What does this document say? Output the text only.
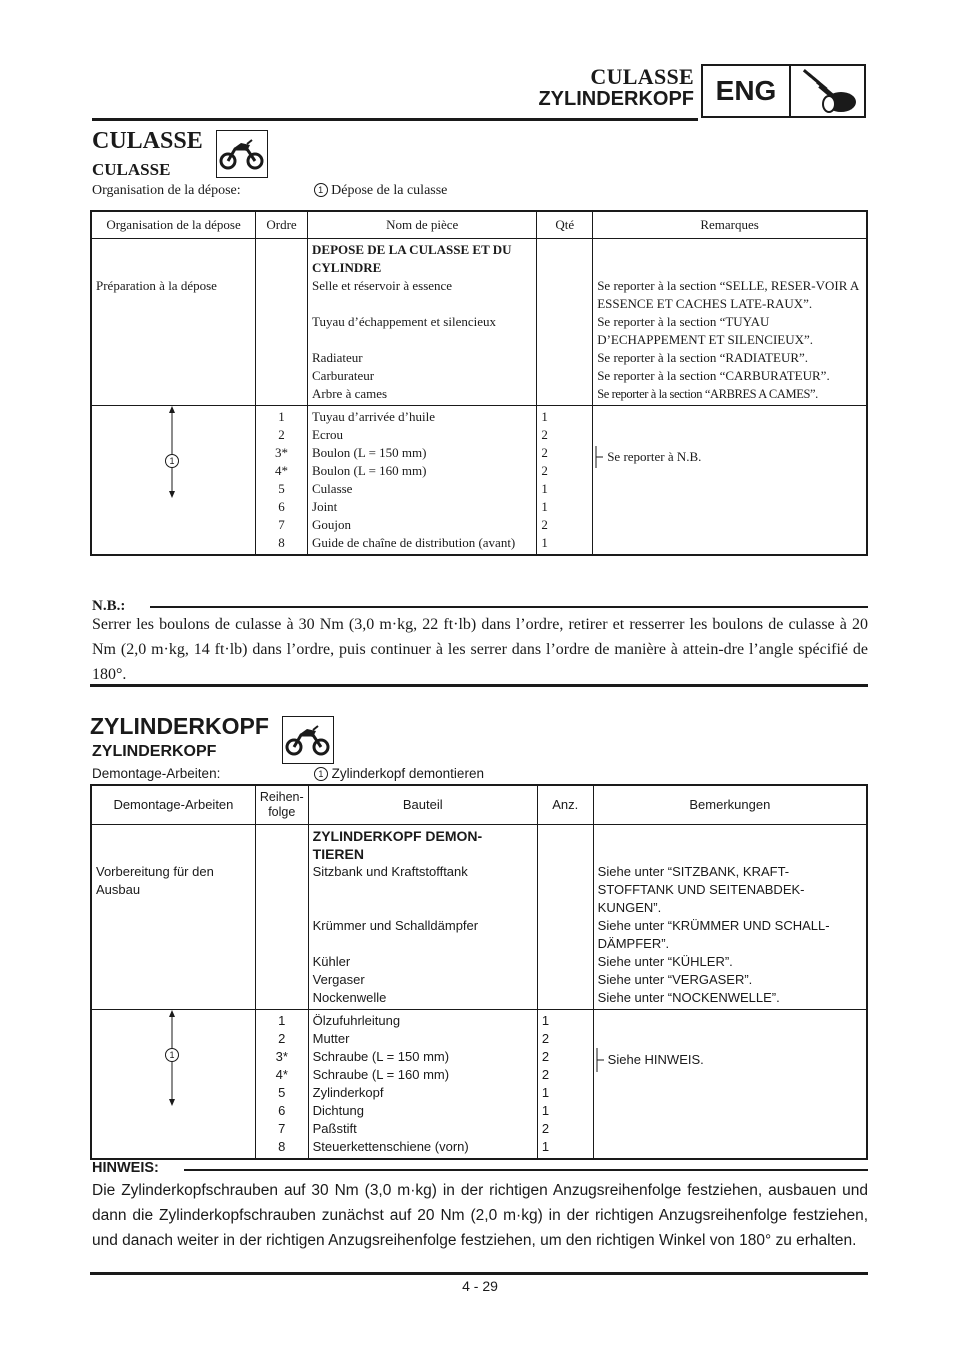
CULASSE
ZYLINDERKOPF ENG
CULASSE
CULASSE
Organisation de la dépose:	1 Dépose de la culasse
Organisation de la dépose	Ordre	Nom de pièce	Qté	Remarques
		DEPOSE DE LA CULASSE ET DU CYLINDRE		
Préparation à la dépose		Selle et réservoir à essence		Se reporter à la section “SELLE, RESER-VOIR A ESSENCE ET CACHES LATE-RAUX”.
		Tuyau d’échappement et silencieux		Se reporter à la section “TUYAU D’ECHAPPEMENT ET SILENCIEUX”.
		Radiateur		Se reporter à la section “RADIATEUR”.
		Carburateur		Se reporter à la section “CARBURATEUR”.
		Arbre à cames		Se reporter à la section “ARBRES A CAMES”.

1	1	Tuyau d’arrivée d’huile	1	Se reporter à N.B.

	2	Ecrou	2	
	3*	Boulon (L = 150 mm)	2	
	4*	Boulon (L = 160 mm)	2	
	5	Culasse	1	
	6	Joint	1	
	7	Goujon	2	
	8	Guide de chaîne de distribution (avant)	1	
N.B.:
Serrer les boulons de culasse à 30 Nm (3,0 m·kg, 22 ft·lb) dans l’ordre, retirer et resserrer les boulons de culasse à 20 Nm (2,0 m·kg, 14 ft·lb) dans l’ordre, puis continuer à les serrer dans l’ordre de manière à attein-dre l’angle spécifié de 180°.
ZYLINDERKOPF
ZYLINDERKOPF
Demontage-Arbeiten:	1 Zylinderkopf demontieren
Demontage-Arbeiten	Reihen-folge	Bauteil	Anz.	Bemerkungen
		ZYLINDERKOPF DEMON-TIEREN		
Vorbereitung für den Ausbau		Sitzbank und Kraftstofftank		Siehe unter “SITZBANK, KRAFT-STOFFTANK UND SEITENABDEK-KUNGEN”.
		Krümmer und Schalldämpfer		Siehe unter “KRÜMMER UND SCHALL-DÄMPFER”.
		Kühler		Siehe unter “KÜHLER”.
		Vergaser		Siehe unter “VERGASER”.
		Nockenwelle		Siehe unter “NOCKENWELLE”.

1	1	Ölzufuhrleitung	1	Siehe HINWEIS.

	2	Mutter	2	
	3*	Schraube (L = 150 mm)	2	
	4*	Schraube (L = 160 mm)	2	
	5	Zylinderkopf	1	
	6	Dichtung	1	
	7	Paßstift	2	
	8	Steuerkettenschiene (vorn)	1	
HINWEIS:
Die Zylinderkopfschrauben auf 30 Nm (3,0 m·kg) in der richtigen Anzugsreihenfolge festziehen, ausbauen und dann die Zylinderkopfschrauben zunächst auf 20 Nm (2,0 m·kg) in der richtigen Anzugsreihenfolge festziehen, und danach weiter in der richtigen Anzugsreihenfolge festziehen, um den richtigen Winkel von 180° zu erhalten.
4 - 29
